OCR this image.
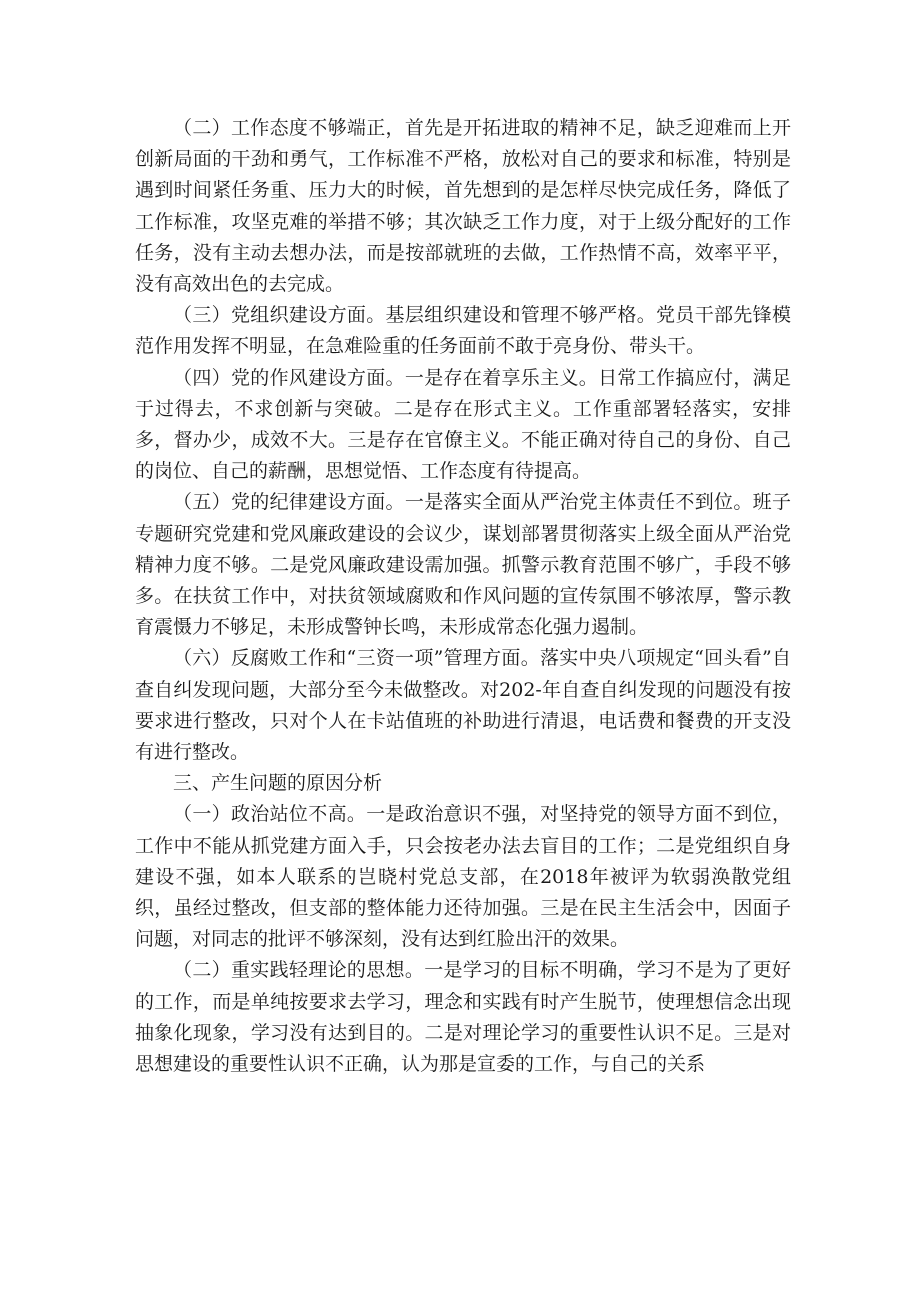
（二）工作态度不够端正，首先是开拓进取的精神不足，缺乏迎难而上开创新局面的干劲和勇气，工作标准不严格，放松对自己的要求和标准，特别是遇到时间紧任务重、压力大的时候，首先想到的是怎样尽快完成任务，降低了工作标准，攻坚克难的举措不够；其次缺乏工作力度，对于上级分配好的工作任务，没有主动去想办法，而是按部就班的去做，工作热情不高，效率平平，没有高效出色的去完成。

（三）党组织建设方面。基层组织建设和管理不够严格。党员干部先锋模范作用发挥不明显，在急难险重的任务面前不敢于亮身份、带头干。

（四）党的作风建设方面。一是存在着享乐主义。日常工作搞应付，满足于过得去，不求创新与突破。二是存在形式主义。工作重部署轻落实，安排多，督办少，成效不大。三是存在官僚主义。不能正确对待自己的身份、自己的岗位、自己的薪酬，思想觉悟、工作态度有待提高。

（五）党的纪律建设方面。一是落实全面从严治党主体责任不到位。班子专题研究党建和党风廉政建设的会议少，谋划部署贯彻落实上级全面从严治党精神力度不够。二是党风廉政建设需加强。抓警示教育范围不够广，手段不够多。在扶贫工作中，对扶贫领域腐败和作风问题的宣传氛围不够浓厚，警示教育震慑力不够足，未形成警钟长鸣，未形成常态化强力遏制。

（六）反腐败工作和“三资一项”管理方面。落实中央八项规定“回头看”自查自纠发现问题，大部分至今未做整改。对202-年自查自纠发现的问题没有按要求进行整改，只对个人在卡站值班的补助进行清退，电话费和餐费的开支没有进行整改。

三、产生问题的原因分析

（一）政治站位不高。一是政治意识不强，对坚持党的领导方面不到位，工作中不能从抓党建方面入手，只会按老办法去盲目的工作；二是党组织自身建设不强，如本人联系的岂晓村党总支部，在2018年被评为软弱涣散党组织，虽经过整改，但支部的整体能力还待加强。三是在民主生活会中，因面子问题，对同志的批评不够深刻，没有达到红脸出汗的效果。

（二）重实践轻理论的思想。一是学习的目标不明确，学习不是为了更好的工作，而是单纯按要求去学习，理念和实践有时产生脱节，使理想信念出现抽象化现象，学习没有达到目的。二是对理论学习的重要性认识不足。三是对思想建设的重要性认识不正确，认为那是宣委的工作，与自己的关系
